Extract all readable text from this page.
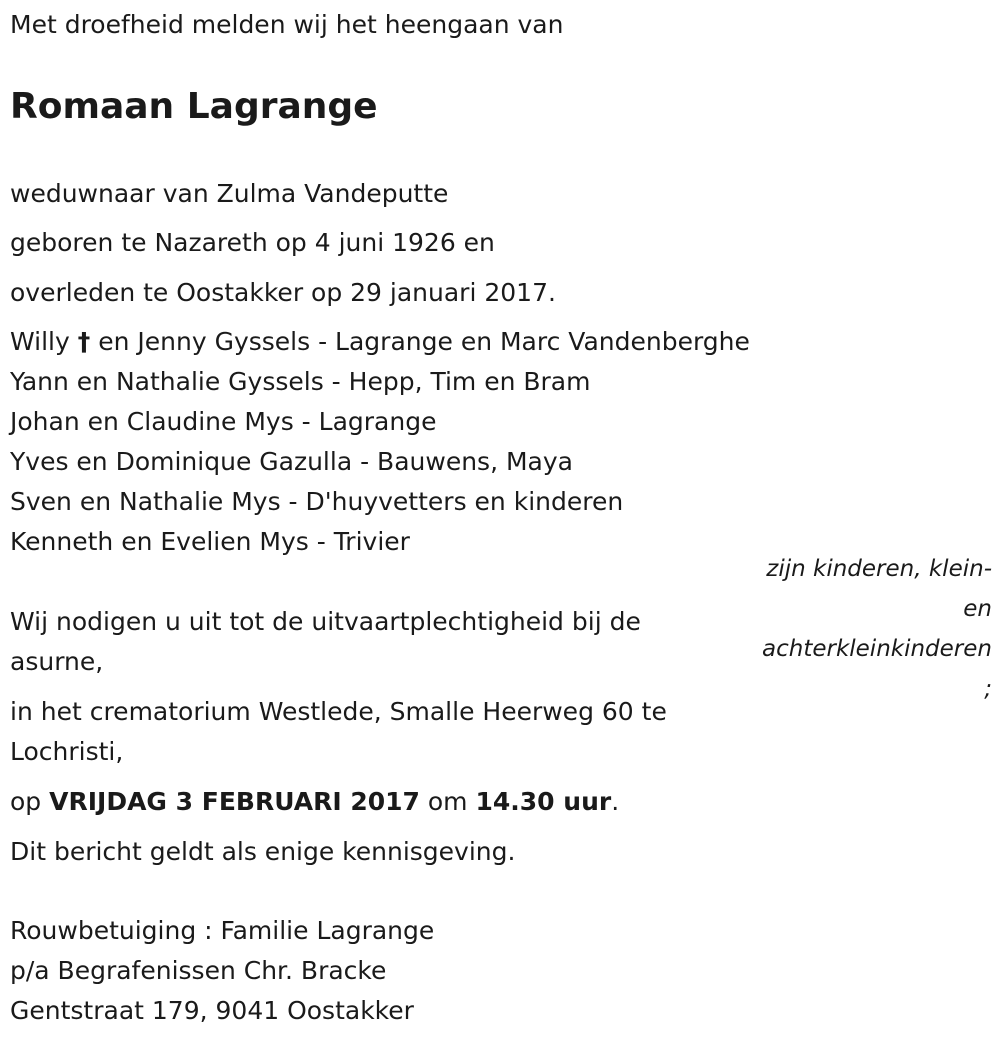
Met droefheid melden wij het heengaan van
Romaan Lagrange
weduwnaar van Zulma Vandeputte
geboren te Nazareth op 4 juni 1926 en
overleden te Oostakker op 29 januari 2017.
Willy † en Jenny Gyssels - Lagrange en Marc Vandenberghe
Yann en Nathalie Gyssels - Hepp, Tim en Bram
Johan en Claudine Mys - Lagrange
Yves en Dominique Gazulla - Bauwens, Maya
Sven en Nathalie Mys - D'huyvetters en kinderen
Kenneth en Evelien Mys - Trivier
zijn kinderen, klein-
en
achterkleinkinderen
;
Wij nodigen u uit tot de uitvaartplechtigheid bij de asurne,
in het crematorium Westlede, Smalle Heerweg 60 te Lochristi,
op VRIJDAG 3 FEBRUARI 2017 om 14.30 uur.
Dit bericht geldt als enige kennisgeving.
Rouwbetuiging : Familie Lagrange
p/a Begrafenissen Chr. Bracke
Gentstraat 179, 9041 Oostakker
